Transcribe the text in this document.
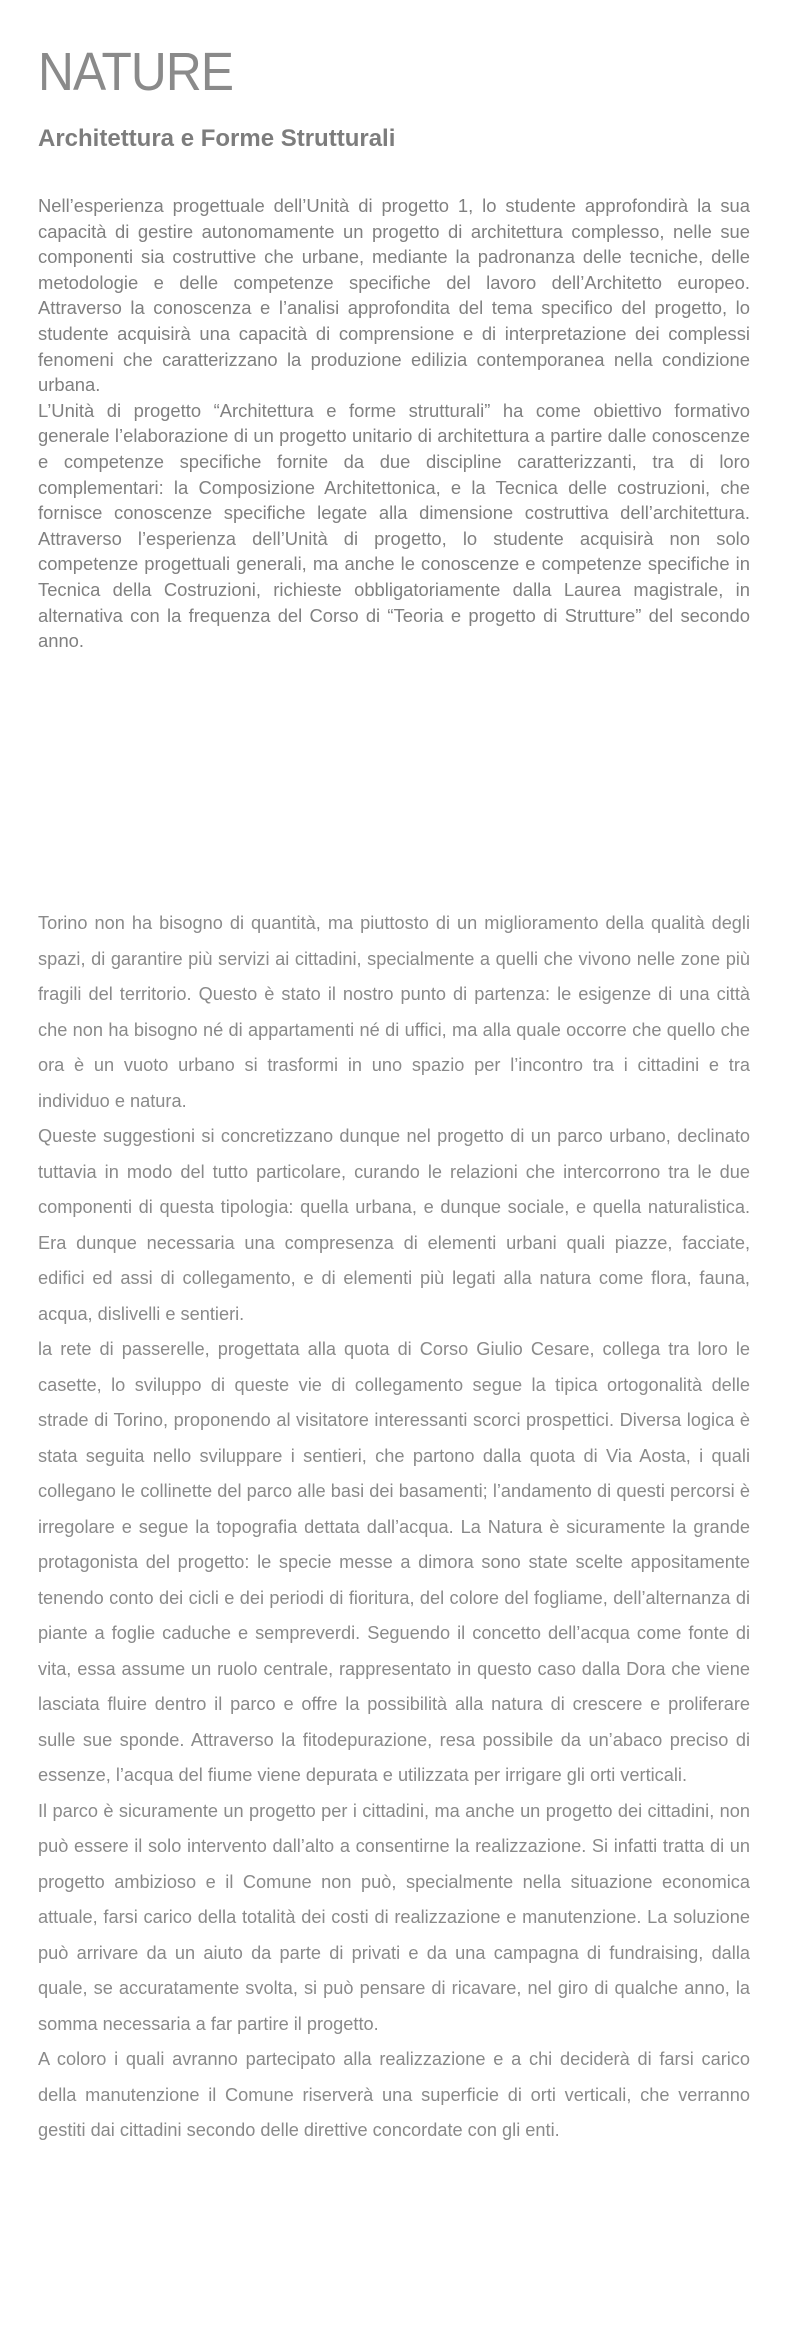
NATURE
Architettura e Forme Strutturali

Nell’esperienza progettuale dell’Unità di progetto 1, lo studente approfondirà la sua capacità di gestire autonomamente un progetto di architettura complesso, nelle sue componenti sia costruttive che urbane, mediante la padronanza delle tecniche, delle metodologie e delle competenze specifiche del lavoro dell’Architetto europeo. Attraverso la conoscenza e l’analisi approfondita del tema specifico del progetto, lo studente acquisirà una capacità di comprensione e di interpretazione dei complessi fenomeni che caratterizzano la produzione edilizia contemporanea nella condizione urbana.

L’Unità di progetto “Architettura e forme strutturali” ha come obiettivo formativo generale l’elaborazione di un progetto unitario di architettura a partire dalle conoscenze e competenze specifiche fornite da due discipline caratterizzanti, tra di loro complementari: la Composizione Architettonica, e la Tecnica delle costruzioni, che fornisce conoscenze specifiche legate alla dimensione costruttiva dell’architettura. Attraverso l’esperienza dell’Unità di progetto, lo studente acquisirà non solo competenze progettuali generali, ma anche le conoscenze e competenze specifiche in Tecnica della Costruzioni, richieste obbligatoriamente dalla Laurea magistrale, in alternativa con la frequenza del Corso di “Teoria e progetto di Strutture” del secondo anno.

Torino non ha bisogno di quantità, ma piuttosto di un miglioramento della qualità degli spazi, di garantire più servizi ai cittadini, specialmente a quelli che vivono nelle zone più fragili del territorio. Questo è stato il nostro punto di partenza: le esigenze di una città che non ha bisogno né di appartamenti né di uffici, ma alla quale occorre che quello che ora è un vuoto urbano si trasformi in uno spazio per l’incontro tra i cittadini e tra individuo e natura.

Queste suggestioni si concretizzano dunque nel progetto di un parco urbano, declinato tuttavia in modo del tutto particolare, curando le relazioni che intercorrono tra le due componenti di questa tipologia: quella urbana, e dunque sociale, e quella naturalistica. Era dunque necessaria una compresenza di elementi urbani quali piazze, facciate, edifici ed assi di collegamento, e di elementi più legati alla natura come flora, fauna, acqua, dislivelli e sentieri.

la rete di passerelle, progettata alla quota di Corso Giulio Cesare, collega tra loro le casette, lo sviluppo di queste vie di collegamento segue la tipica ortogonalità delle strade di Torino, proponendo al visitatore interessanti scorci prospettici. Diversa logica è stata seguita nello sviluppare i sentieri, che partono dalla quota di Via Aosta, i quali collegano le collinette del parco alle basi dei basamenti; l’andamento di questi percorsi è irregolare e segue la topografia dettata dall’acqua. La Natura è sicuramente la grande protagonista del progetto: le specie messe a dimora sono state scelte appositamente tenendo conto dei cicli e dei periodi di fioritura, del colore del fogliame, dell’alternanza di piante a foglie caduche e sempreverdi. Seguendo il concetto dell’acqua come fonte di vita, essa assume un ruolo centrale, rappresentato in questo caso dalla Dora che viene lasciata fluire dentro il parco e offre la possibilità alla natura di crescere e proliferare sulle sue sponde. Attraverso la fitodepurazione, resa possibile da un’abaco preciso di essenze, l’acqua del fiume viene depurata e utilizzata per irrigare gli orti verticali.

Il parco è sicuramente un progetto per i cittadini, ma anche un progetto dei cittadini, non può essere il solo intervento dall’alto a consentirne la realizzazione. Si infatti tratta di un progetto ambizioso e il Comune non può, specialmente nella situazione economica attuale, farsi carico della totalità dei costi di realizzazione e manutenzione. La soluzione può arrivare da un aiuto da parte di privati e da una campagna di fundraising, dalla quale, se accuratamente svolta, si può pensare di ricavare, nel giro di qualche anno, la somma necessaria a far partire il progetto.

A coloro i quali avranno partecipato alla realizzazione e a chi deciderà di farsi carico della manutenzione il Comune riserverà una superficie di orti verticali, che verranno gestiti dai cittadini secondo delle direttive concordate con gli enti.
